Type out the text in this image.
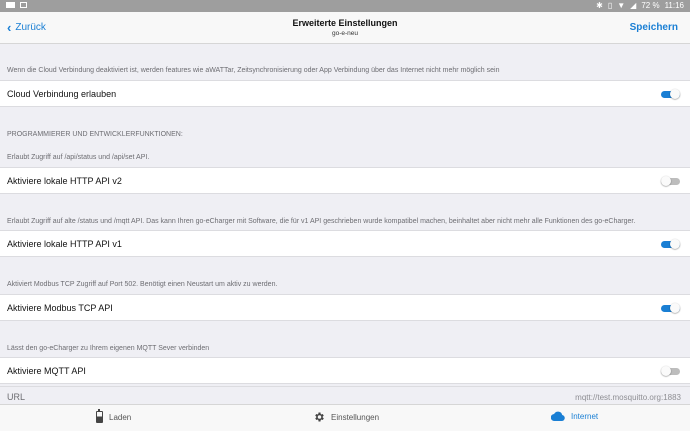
✱ ▯ ▼ ◢ 72 % 11:16
‹ Zurück	Erweiterte Einstellungen
go-e-neu
Speichern
Wenn die Cloud Verbindung deaktiviert ist, werden features wie aWATTar, Zeitsynchronisierung oder App Verbindung über das Internet nicht mehr möglich sein
Cloud Verbindung erlauben
PROGRAMMIERER UND ENTWICKLERFUNKTIONEN:
Erlaubt Zugriff auf /api/status und /api/set API.
Aktiviere lokale HTTP API v2
Erlaubt Zugriff auf alte /status und /mqtt API. Das kann Ihren go-eCharger mit Software, die für v1 API geschrieben wurde kompatibel machen, beinhaltet aber nicht mehr alle Funktionen des go-eCharger.
Aktiviere lokale HTTP API v1
Aktiviert Modbus TCP Zugriff auf Port 502. Benötigt einen Neustart um aktiv zu werden.
Aktiviere Modbus TCP API
Lässt den go-eCharger zu Ihrem eigenen MQTT Sever verbinden
Aktiviere MQTT API
URL	mqtt://test.mosquitto.org:1883
Laden	Einstellungen	Internet
